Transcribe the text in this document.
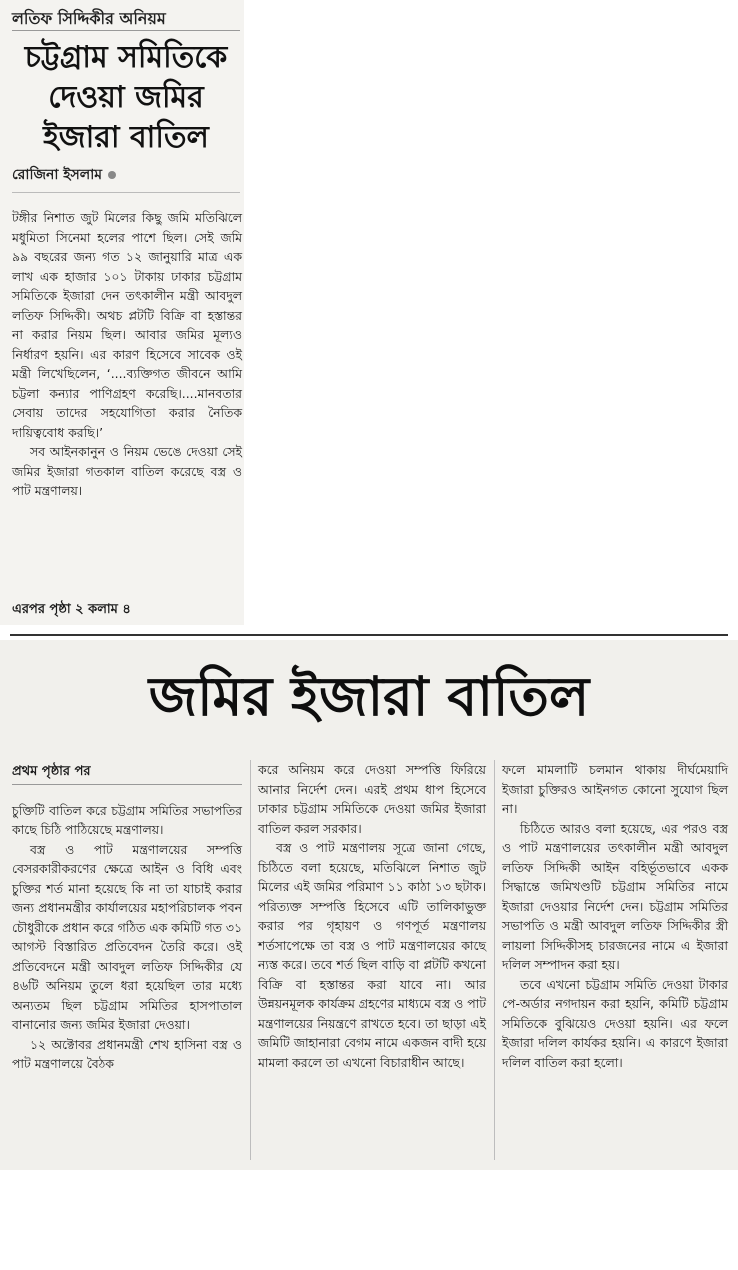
লতিফ সিদ্দিকীর অনিয়ম
চট্টগ্রাম সমিতিকে
দেওয়া জমির
ইজারা বাতিল
রোজিনা ইসলাম

টঙ্গীর নিশাত জুট মিলের কিছু জমি মতিঝিলে মধুমিতা সিনেমা হলের পাশে ছিল। সেই জমি ৯৯ বছরের জন্য গত ১২ জানুয়ারি মাত্র এক লাখ এক হাজার ১০১ টাকায় ঢাকার চট্টগ্রাম সমিতিকে ইজারা দেন তৎকালীন মন্ত্রী আবদুল লতিফ সিদ্দিকী। অথচ প্লটটি বিক্রি বা হস্তান্তর না করার নিয়ম ছিল। আবার জমির মূল্যও নির্ধারণ হয়নি। এর কারণ হিসেবে সাবেক ওই মন্ত্রী লিখেছিলেন, ‘....ব্যক্তিগত জীবনে আমি চট্টলা কন্যার পাণিগ্রহণ করেছি।....মানবতার সেবায় তাদের সহযোগিতা করার নৈতিক দায়িত্ববোধ করছি।’

সব আইনকানুন ও নিয়ম ভেঙে দেওয়া সেই জমির ইজারা গতকাল বাতিল করেছে বস্ত্র ও পাট মন্ত্রণালয়।

এরপর পৃষ্ঠা ২ কলাম ৪
জমির ইজারা বাতিল

প্রথম পৃষ্ঠার পর

চুক্তিটি বাতিল করে চট্টগ্রাম সমিতির সভাপতির কাছে চিঠি পাঠিয়েছে মন্ত্রণালয়।

বস্ত্র ও পাট মন্ত্রণালয়ের সম্পত্তি বেসরকারীকরণের ক্ষেত্রে আইন ও বিধি এবং চুক্তির শর্ত মানা হয়েছে কি না তা যাচাই করার জন্য প্রধানমন্ত্রীর কার্যালয়ের মহাপরিচালক পবন চৌধুরীকে প্রধান করে গঠিত এক কমিটি গত ৩১ আগস্ট বিস্তারিত প্রতিবেদন তৈরি করে। ওই প্রতিবেদনে মন্ত্রী আবদুল লতিফ সিদ্দিকীর যে ৪৬টি অনিয়ম তুলে ধরা হয়েছিল তার মধ্যে অন্যতম ছিল চট্টগ্রাম সমিতির হাসপাতাল বানানোর জন্য জমির ইজারা দেওয়া।

১২ অক্টোবর প্রধানমন্ত্রী শেখ হাসিনা বস্ত্র ও পাট মন্ত্রণালয়ে বৈঠক

করে অনিয়ম করে দেওয়া সম্পত্তি ফিরিয়ে আনার নির্দেশ দেন। এরই প্রথম ধাপ হিসেবে ঢাকার চট্টগ্রাম সমিতিকে দেওয়া জমির ইজারা বাতিল করল সরকার।

বস্ত্র ও পাট মন্ত্রণালয় সূত্রে জানা গেছে, চিঠিতে বলা হয়েছে, মতিঝিলে নিশাত জুট মিলের এই জমির পরিমাণ ১১ কাঠা ১৩ ছটাক। পরিত্যক্ত সম্পত্তি হিসেবে এটি তালিকাভুক্ত করার পর গৃহায়ণ ও গণপূর্ত মন্ত্রণালয় শর্তসাপেক্ষে তা বস্ত্র ও পাট মন্ত্রণালয়ের কাছে ন্যস্ত করে। তবে শর্ত ছিল বাড়ি বা প্লটটি কখনো বিক্রি বা হস্তান্তর করা যাবে না। আর উন্নয়নমূলক কার্যক্রম গ্রহণের মাধ্যমে বস্ত্র ও পাট মন্ত্রণালয়ের নিয়ন্ত্রণে রাখতে হবে। তা ছাড়া এই জমিটি জাহানারা বেগম নামে একজন বাদী হয়ে মামলা করলে তা এখনো বিচারাধীন আছে।

ফলে মামলাটি চলমান থাকায় দীর্ঘমেয়াদি ইজারা চুক্তিরও আইনগত কোনো সুযোগ ছিল না।

চিঠিতে আরও বলা হয়েছে, এর পরও বস্ত্র ও পাট মন্ত্রণালয়ের তৎকালীন মন্ত্রী আবদুল লতিফ সিদ্দিকী আইন বহির্ভূতভাবে একক সিদ্ধান্তে জমিখণ্ডটি চট্টগ্রাম সমিতির নামে ইজারা দেওয়ার নির্দেশ দেন। চট্টগ্রাম সমিতির সভাপতি ও মন্ত্রী আবদুল লতিফ সিদ্দিকীর স্ত্রী লায়লা সিদ্দিকীসহ চারজনের নামে এ ইজারা দলিল সম্পাদন করা হয়।

তবে এখনো চট্টগ্রাম সমিতি দেওয়া টাকার পে-অর্ডার নগদায়ন করা হয়নি, কমিটি চট্টগ্রাম সমিতিকে বুঝিয়েও দেওয়া হয়নি। এর ফলে ইজারা দলিল কার্যকর হয়নি। এ কারণে ইজারা দলিল বাতিল করা হলো।
